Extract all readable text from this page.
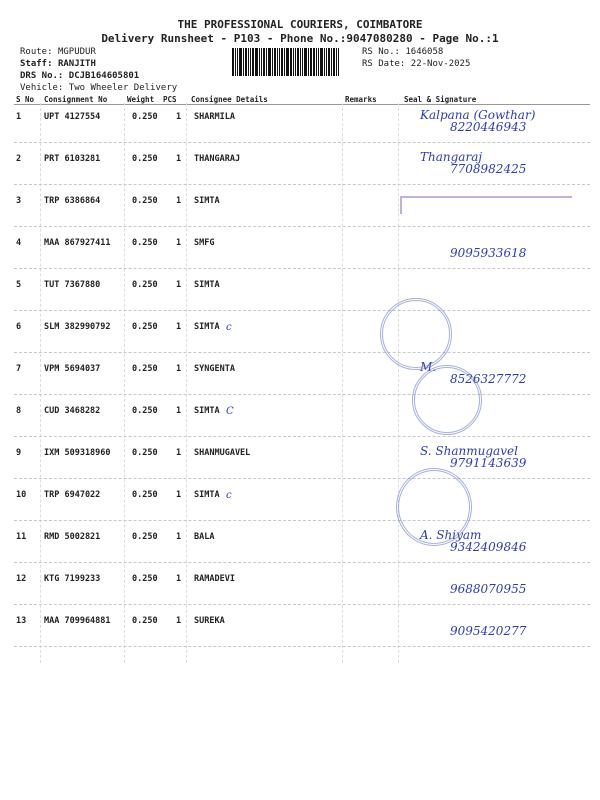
THE PROFESSIONAL COURIERS, COIMBATORE
Delivery Runsheet - P103 - Phone No.:9047080280 - Page No.:1
Route: MGPUDUR
Staff: RANJITH
DRS No.: DCJB164605801
Vehicle: Two Wheeler Delivery
RS No.: 1646058
RS Date: 22-Nov-2025
S No Consignment No	Weight PCS Consignee Details	Remarks	Seal & Signature
1	UPT 4127554	0.250 1 SHARMILA	Kalpana (Gowthar)
8220446943
2	PRT 6103281	0.250 1 THANGARAJ	Thangaraj
7708982425
3	TRP 6386864	0.250 1 SIMTA
4	MAA 867927411	0.250 1 SMFG
9095933618
5	TUT 7367880	0.250 1 SIMTA
6	SLM 382990792	0.250 1 SIMTA c
7	VPM 5694037	0.250 1 SYNGENTA	M.
8526327772
8	CUD 3468282	0.250 1 SIMTA C
9	IXM 509318960	0.250 1 SHANMUGAVEL	S. Shanmugavel
9791143639
10 TRP 6947022	0.250 1 SIMTA c
11 RMD 5002821	0.250 1 BALA	A. Shiyam
9342409846
12 KTG 7199233	0.250 1 RAMADEVI
9688070955
13 MAA 709964881	0.250 1 SUREKA
9095420277
